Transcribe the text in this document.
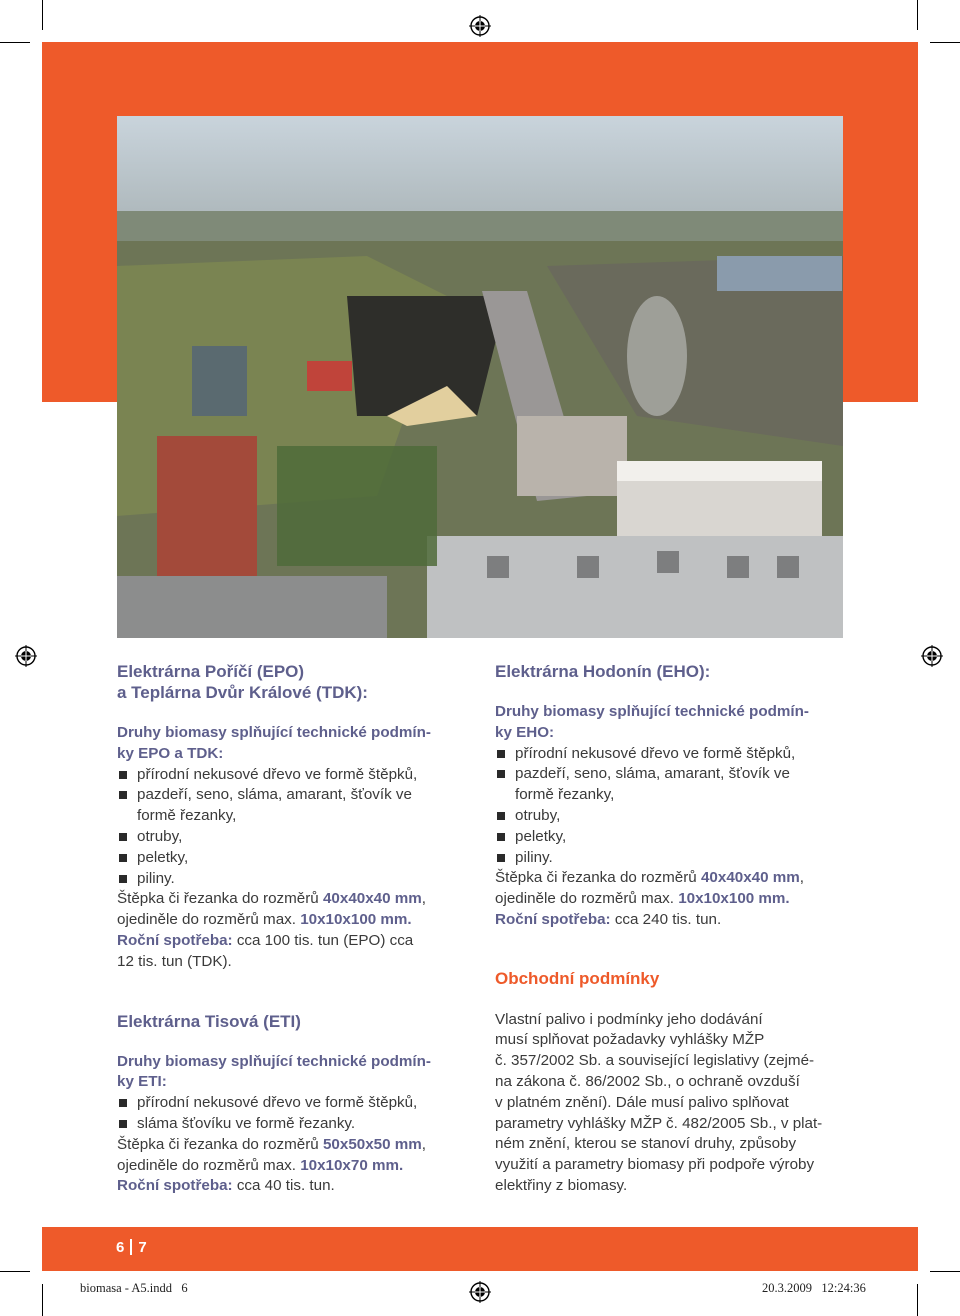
Elektrárna Poříčí (EPO)
a Teplárna Dvůr Králové (TDK):

Druhy biomasy splňující technické podmín-
ky EPO a TDK:

přírodní nekusové dřevo ve formě štěpků,
pazdeří, seno, sláma, amarant, šťovík ve
formě řezanky,
otruby,
peletky,
piliny.

Štěpka či řezanka do rozměrů 40x40x40 mm,

ojediněle do rozměrů max. 10x10x100 mm.

Roční spotřeba: cca 100 tis. tun (EPO) cca
12 tis. tun (TDK).

Elektrárna Tisová (ETI)

Druhy biomasy splňující technické podmín-
ky ETI:

přírodní nekusové dřevo ve formě štěpků,
sláma šťovíku ve formě řezanky.

Štěpka či řezanka do rozměrů 50x50x50 mm,

ojediněle do rozměrů max. 10x10x70 mm.

Roční spotřeba: cca 40 tis. tun.

Elektrárna Hodonín (EHO):

Druhy biomasy splňující technické podmín-
ky EHO:

přírodní nekusové dřevo ve formě štěpků,
pazdeří, seno, sláma, amarant, šťovík ve
formě řezanky,
otruby,
peletky,
piliny.

Štěpka či řezanka do rozměrů 40x40x40 mm,

ojediněle do rozměrů max. 10x10x100 mm.

Roční spotřeba: cca 240 tis. tun.

Obchodní podmínky

Vlastní palivo i podmínky jeho dodávání

musí splňovat požadavky vyhlášky MŽP

č. 357/2002 Sb. a související legislativy (zejmé-

na zákona č. 86/2002 Sb., o ochraně ovzduší

v platném znění). Dále musí palivo splňovat

parametry vyhlášky MŽP č. 482/2005 Sb., v plat-

ném znění, kterou se stanoví druhy, způsoby

využití a parametry biomasy při podpoře výroby

elektřiny z biomasy.

6 7
biomasa - A5.indd   6	20.3.2009   12:24:36
